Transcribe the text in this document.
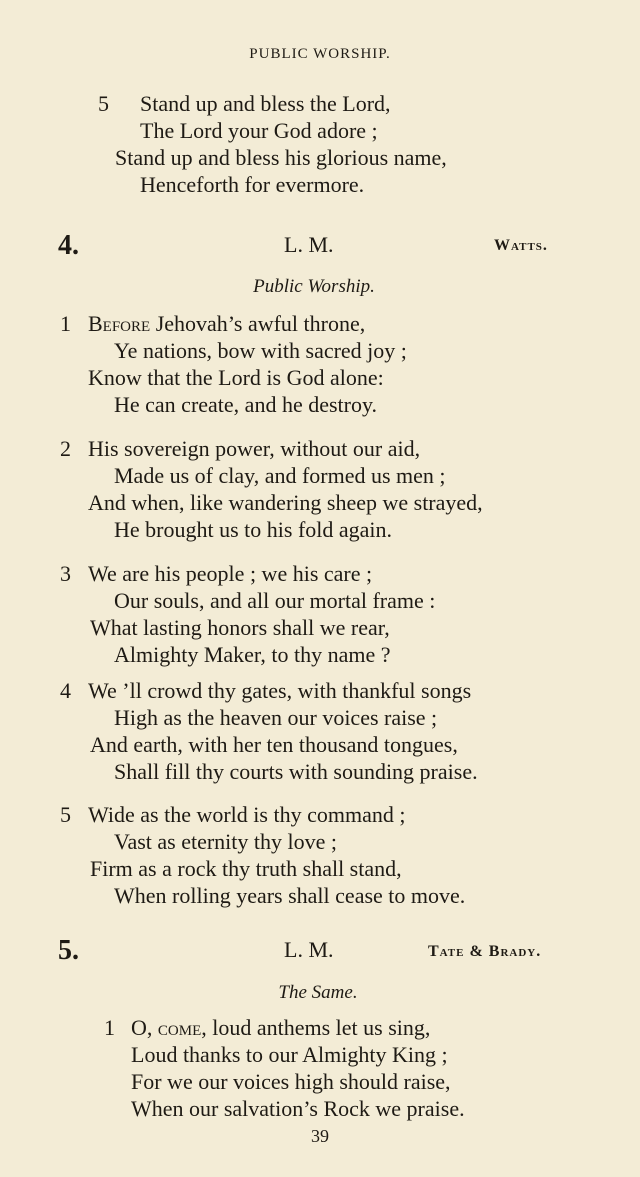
PUBLIC WORSHIP.
5 Stand up and bless the Lord,
The Lord your God adore ;
Stand up and bless his glorious name,
Henceforth for evermore.
4.	L. M.	Watts.
Public Worship.
1 Before Jehovah’s awful throne,
Ye nations, bow with sacred joy ;
Know that the Lord is God alone:
He can create, and he destroy.
2 His sovereign power, without our aid,
Made us of clay, and formed us men ;
And when, like wandering sheep we strayed,
He brought us to his fold again.
3 We are his people ; we his care ;
Our souls, and all our mortal frame :
What lasting honors shall we rear,
Almighty Maker, to thy name ?
4 We ’ll crowd thy gates, with thankful songs
High as the heaven our voices raise ;
And earth, with her ten thousand tongues,
Shall fill thy courts with sounding praise.
5 Wide as the world is thy command ;
Vast as eternity thy love ;
Firm as a rock thy truth shall stand,
When rolling years shall cease to move.
5.	L. M.	Tate & Brady.
The Same.
1 O, come, loud anthems let us sing,
Loud thanks to our Almighty King ;
For we our voices high should raise,
When our salvation’s Rock we praise.
39
